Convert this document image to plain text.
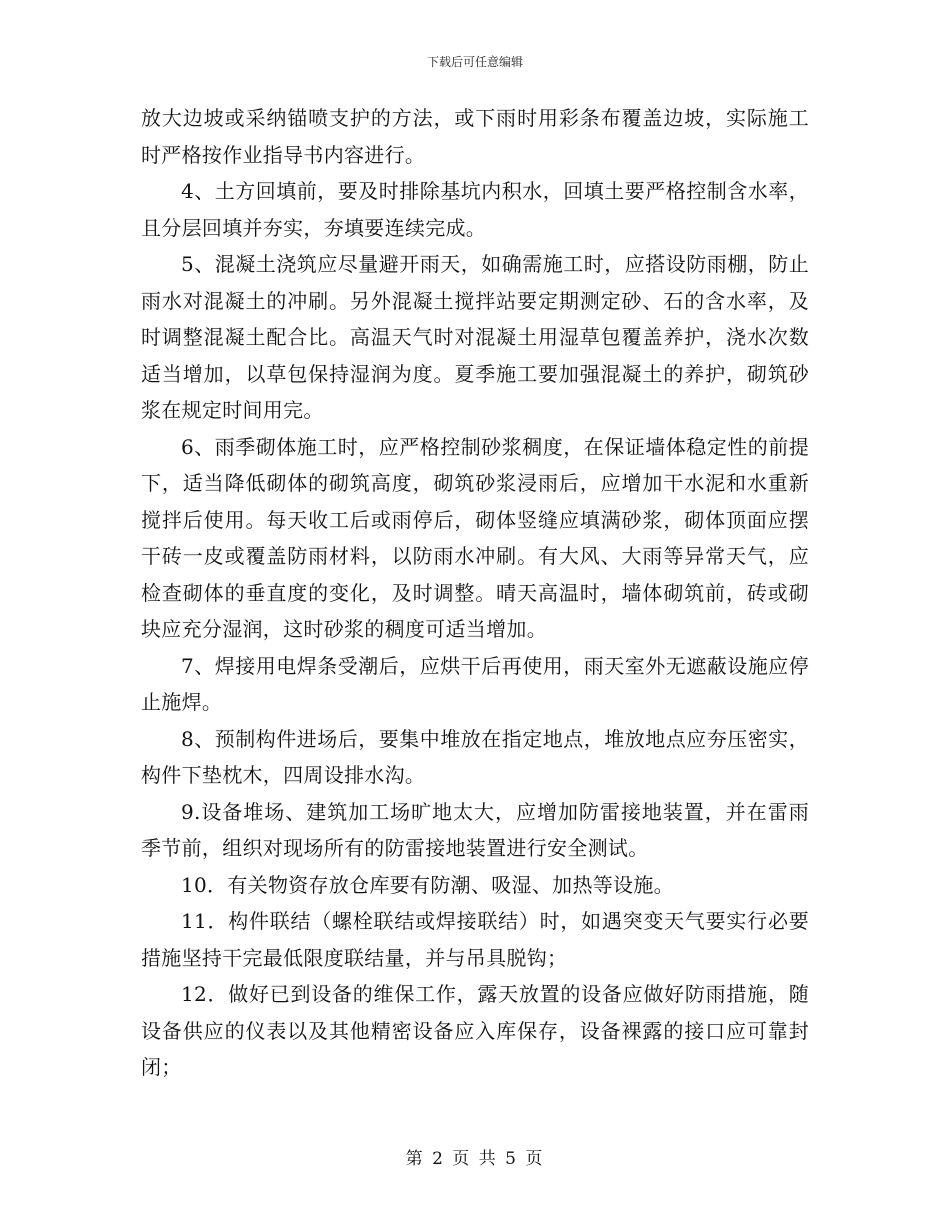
下载后可任意编辑

放大边坡或采纳锚喷支护的方法，或下雨时用彩条布覆盖边坡，实际施工时严格按作业指导书内容进行。

4、土方回填前，要及时排除基坑内积水，回填土要严格控制含水率，且分层回填并夯实，夯填要连续完成。

5、混凝土浇筑应尽量避开雨天，如确需施工时，应搭设防雨棚，防止雨水对混凝土的冲刷。另外混凝土搅拌站要定期测定砂、石的含水率，及时调整混凝土配合比。高温天气时对混凝土用湿草包覆盖养护，浇水次数适当增加，以草包保持湿润为度。夏季施工要加强混凝土的养护，砌筑砂浆在规定时间用完。

6、雨季砌体施工时，应严格控制砂浆稠度，在保证墙体稳定性的前提下，适当降低砌体的砌筑高度，砌筑砂浆浸雨后，应增加干水泥和水重新搅拌后使用。每天收工后或雨停后，砌体竖缝应填满砂浆，砌体顶面应摆干砖一皮或覆盖防雨材料，以防雨水冲刷。有大风、大雨等异常天气，应检查砌体的垂直度的变化，及时调整。晴天高温时，墙体砌筑前，砖或砌块应充分湿润，这时砂浆的稠度可适当增加。

7、焊接用电焊条受潮后，应烘干后再使用，雨天室外无遮蔽设施应停止施焊。

8、预制构件进场后，要集中堆放在指定地点，堆放地点应夯压密实，构件下垫枕木，四周设排水沟。

9.设备堆场、建筑加工场旷地太大，应增加防雷接地装置，并在雷雨季节前，组织对现场所有的防雷接地装置进行安全测试。

10．有关物资存放仓库要有防潮、吸湿、加热等设施。

11．构件联结（螺栓联结或焊接联结）时，如遇突变天气要实行必要措施坚持干完最低限度联结量，并与吊具脱钩；

12．做好已到设备的维保工作，露天放置的设备应做好防雨措施，随设备供应的仪表以及其他精密设备应入库保存，设备裸露的接口应可靠封闭；

第 2 页 共 5 页
